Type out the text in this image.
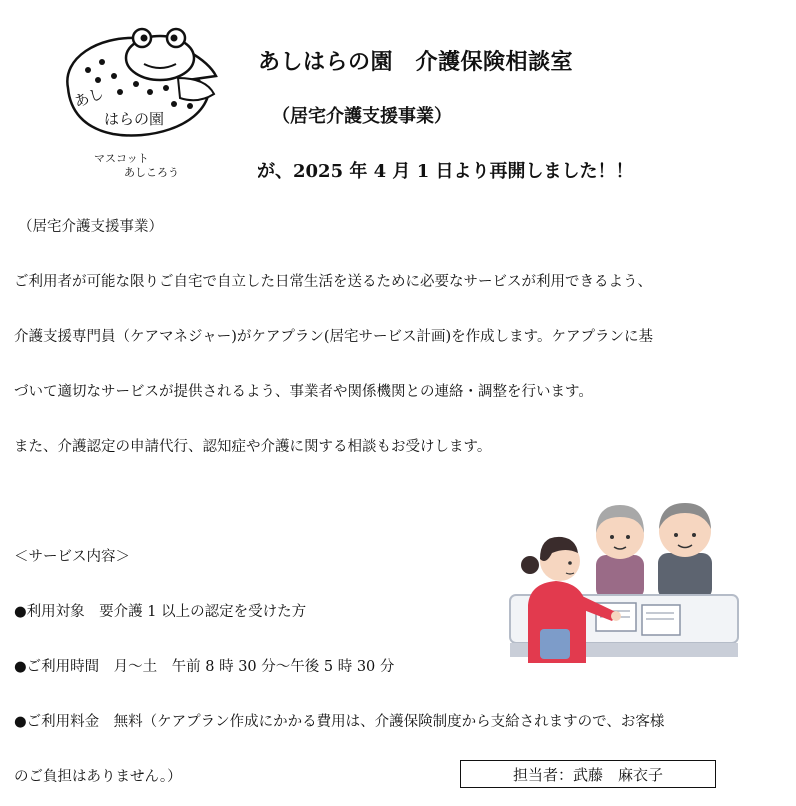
あし
はらの園
マスコット
あしころう
あしはらの園　介護保険相談室
（居宅介護支援事業）
が、2025 年 4 月 1 日より再開しました！！
（居宅介護支援事業）
ご利用者が可能な限りご自宅で自立した日常生活を送るために必要なサービスが利用できるよう、
介護支援専門員（ケアマネジャー)がケアプラン(居宅サービス計画)を作成します。ケアプランに基
づいて適切なサービスが提供されるよう、事業者や関係機関との連絡・調整を行います。
また、介護認定の申請代行、認知症や介護に関する相談もお受けします。
＜サービス内容＞
●利用対象　要介護 1 以上の認定を受けた方
●ご利用時間　月～土　午前 8 時 30 分～午後 5 時 30 分
●ご利用料金　無料（ケアプラン作成にかかる費用は、介護保険制度から支給されますので、お客様
のご負担はありません。）	担当者：武藤　麻衣子
